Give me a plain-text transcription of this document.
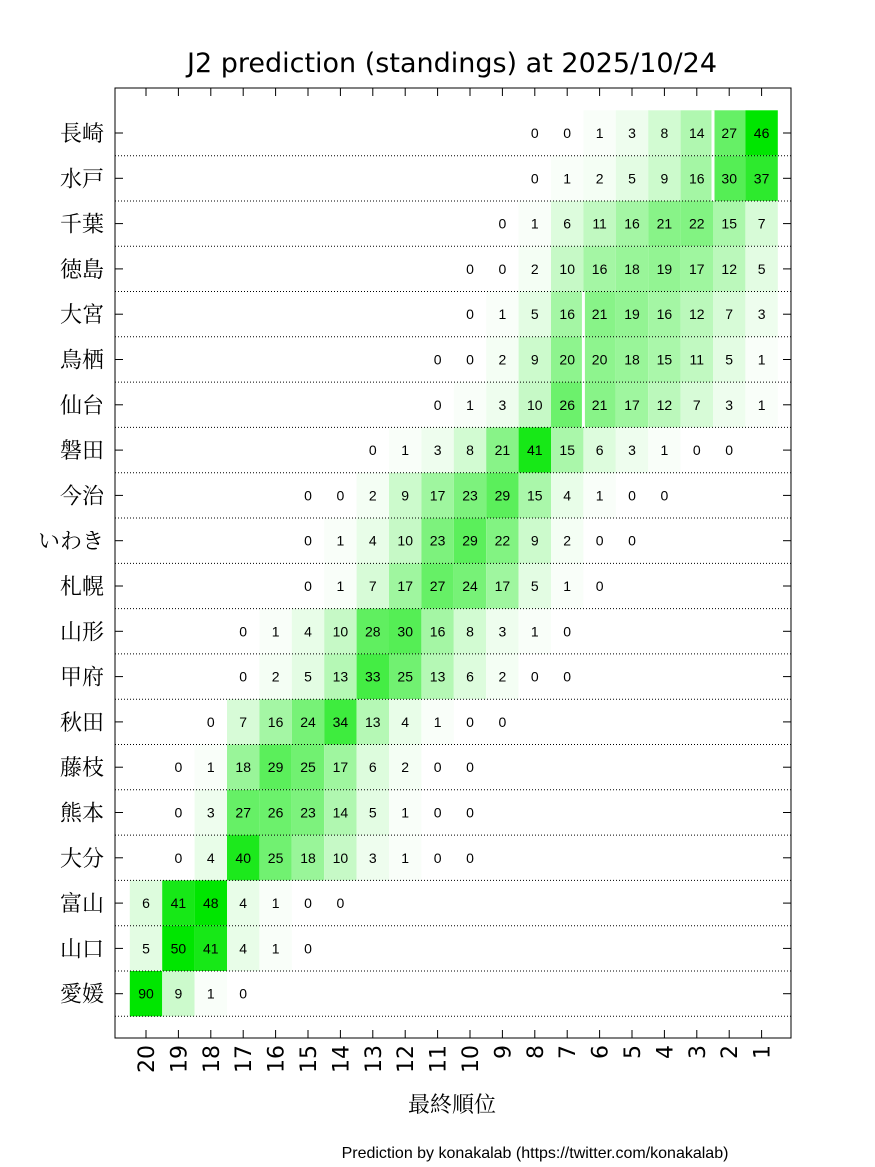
J2 prediction (standings) at 2025/10/24
0 0 1 3 8 14 27 46
0 1 2 5 9 16 30 37
0 1 6 11 16 21 22 15 7
0 0 2 10 16 18 19 17 12 5
0 1 5 16 21 19 16 12 7 3
0 0 2 9 20 20 18 15 11 5 1
0 1 3 10 26 21 17 12 7 3 1
0 1 3 8 21 41 15 6 3 1 0 0
0 0 2 9 17 23 29 15 4 1 0 0
0 1 4 10 23 29 22 9 2 0 0
0 1 7 17 27 24 17 5 1 0
0 1 4 10 28 30 16 8 3 1 0
0 2 5 13 33 25 13 6 2 0 0
0 7 16 24 34 13 4 1 0 0
0 1 18 29 25 17 6 2 0 0
0 3 27 26 23 14 5 1 0 0
0 4 40 25 18 10 3 1 0 0
6 41 48 4 1 0 0
5 50 41 4 1 0
90 9 1 0
長崎
水戸
千葉
徳島
大宮
鳥栖
仙台
磐田
今治
いわき
札幌
山形
甲府
秋田
藤枝
熊本
大分
富山
山口
愛媛
20 19 18 17 16 15 14 13 12 11 10 9 8 7 6 5 4 3 2 1
最終順位
Prediction by konakalab (https://twitter.com/konakalab)
